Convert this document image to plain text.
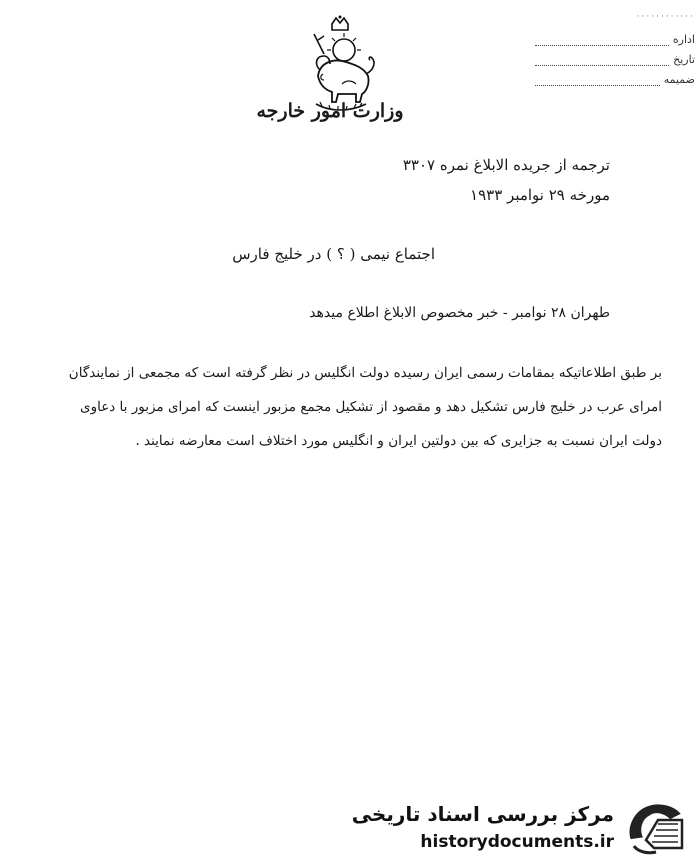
وزارت امور خارجه
············
اداره
تاریخ
ضمیمه
ترجمه از جریده الابلاغ نمره ۳۳۰۷
مورخه ۲۹ نوامبر ۱۹۳۳
اجتماع نیمی ( ؟ ) در خلیج فارس
طهران ۲۸ نوامبر - خبر مخصوص الابلاغ اطلاع میدهد
بر طبق اطلاعاتیکه بمقامات رسمی ایران رسیده دولت انگلیس در نظر گرفته است که مجمعی از نمایندگان
امرای عرب در خلیج فارس تشکیل دهد و مقصود از تشکیل مجمع مزبور اینست که امرای مزبور با دعاوی
دولت ایران نسبت به جزایری که بین دولتین ایران و انگلیس مورد اختلاف است معارضه نمایند .
مرکز بررسی اسناد تاریخی
historydocuments.ir
